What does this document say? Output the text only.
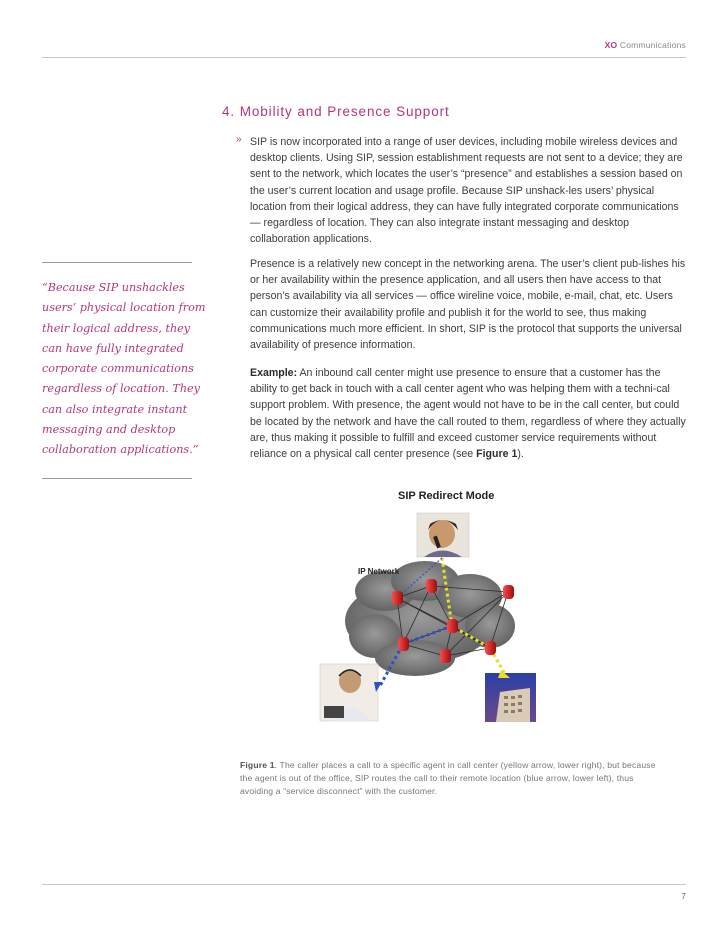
XO Communications
4. Mobility and Presence Support
» SIP is now incorporated into a range of user devices, including mobile wireless devices and desktop clients. Using SIP, session establishment requests are not sent to a device; they are sent to the network, which locates the user’s “presence” and establishes a session based on the user’s current location and usage profile. Because SIP unshack-les users’ physical location from their logical address, they can have fully integrated corporate communications — regardless of location. They can also integrate instant messaging and desktop collaboration applications.

Presence is a relatively new concept in the networking arena. The user’s client pub-lishes his or her availability within the presence application, and all users then have access to that person’s availability via all services — office wireline voice, mobile, e-mail, chat, etc. Users can customize their availability profile and publish it for the world to see, thus making communications much more efficient. In short, SIP is the protocol that supports the universal availability of presence information.

Example: An inbound call center might use presence to ensure that a customer has the ability to get back in touch with a call center agent who was helping them with a techni-cal support problem. With presence, the agent would not have to be in the call center, but could be located by the network and have the call routed to them, regardless of where they actually are, thus making it possible to fulfill and exceed customer service requirements without reliance on a physical call center presence (see Figure 1).

“Because SIP unshackles users’ physical location from their logical address, they can have fully integrated corporate communications regardless of location. They can also integrate instant messaging and desktop collaboration applications.”

SIP Redirect Mode
IP Network

Figure 1. The caller places a call to a specific agent in call center (yellow arrow, lower right), but because the agent is out of the office, SIP routes the call to their remote location (blue arrow, lower left), thus avoiding a “service disconnect” with the customer.

7
